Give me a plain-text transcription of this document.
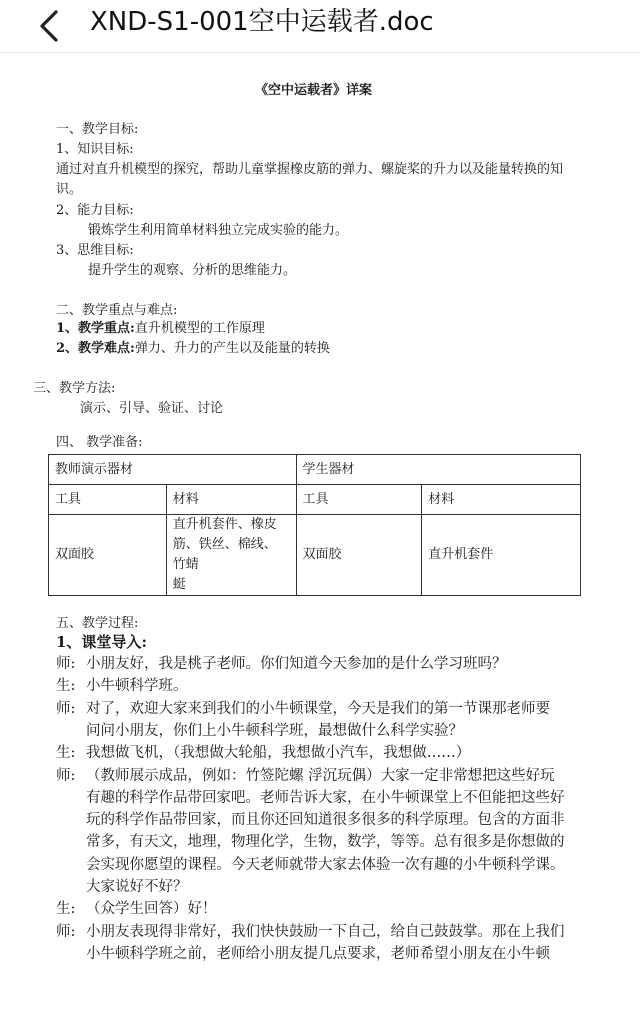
XND-S1-001空中运载者.doc
《空中运载者》详案
一、教学目标:
1、知识目标:
通过对直升机模型的探究，帮助儿童掌握橡皮筋的弹力、螺旋桨的升力以及能量转换的知
识。
2、能力目标:
锻炼学生利用简单材料独立完成实验的能力。
3、思维目标:
提升学生的观察、分析的思维能力。
二、教学重点与难点:
1、教学重点:直升机模型的工作原理
2、教学难点:弹力、升力的产生以及能量的转换
三、教学方法:
演示、引导、验证、讨论
四、 教学准备:
教师演示器材		学生器材	
工具	材料	工具	材料
双面胶	直升机套件、橡皮
筋、铁丝、棉线、竹蜻
蜓	双面胶	直升机套件
五、教学过程:
1、课堂导入:
师: 小朋友好，我是桃子老师。你们知道今天参加的是什么学习班吗？
生: 小牛顿科学班。
师: 对了，欢迎大家来到我们的小牛顿课堂，今天是我们的第一节课那老师要
问问小朋友，你们上小牛顿科学班，最想做什么科学实验？
生: 我想做飞机，（我想做大轮船，我想做小汽车，我想做……）
师: （教师展示成品，例如：竹签陀螺 浮沉玩偶）大家一定非常想把这些好玩
有趣的科学作品带回家吧。老师告诉大家，在小牛顿课堂上不但能把这些好
玩的科学作品带回家，而且你还回知道很多很多的科学原理。包含的方面非
常多，有天文，地理，物理化学，生物，数学，等等。总有很多是你想做的
会实现你愿望的课程。今天老师就带大家去体验一次有趣的小牛顿科学课。
大家说好不好？
生: （众学生回答）好！
师: 小朋友表现得非常好，我们快快鼓励一下自己，给自己鼓鼓掌。那在上我们
小牛顿科学班之前，老师给小朋友提几点要求，老师希望小朋友在小牛顿
